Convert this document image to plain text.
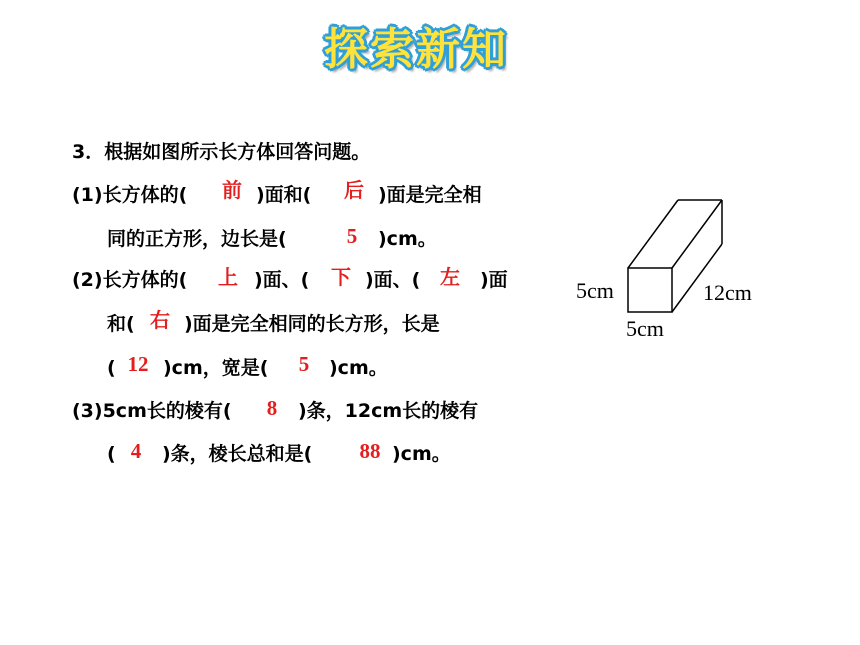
探索新知
3．根据如图所示长方体回答问题。
(1)长方体的(	前 )面和(	后 )面是完全相
同的正方形，边长是(	5	)cm。
(2)长方体的(	上 )面、(	下 )面、( 左	)面
和( 右 )面是完全相同的长方形，长是
( 12 )cm，宽是(	5	)cm。
(3)5cm长的棱有(	8	)条，12cm长的棱有
( 4	)条，棱长总和是(	88 )cm。
5cm
5cm
12cm
